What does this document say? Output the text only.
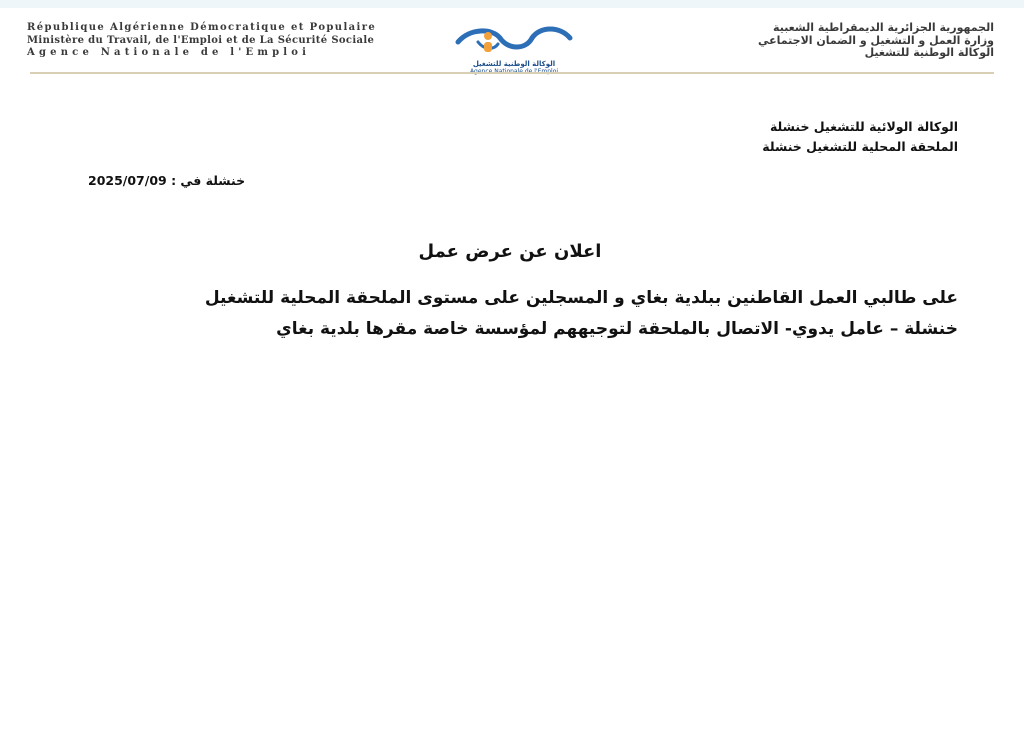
République Algérienne Démocratique et Populaire
Ministère du Travail, de l'Emploi et de La Sécurité Sociale
Agence Nationale de l'Emploi
الوكالة الوطنية للتشغيل
الجمهورية الجزائرية الديمقراطية الشعبية
وزارة العمل و التشغيل و الضمان الاجتماعي
الوكالة الوطنية للتشغيل
الوكالة الولائية للتشغيل خنشلة
الملحقة المحلية للتشغيل خنشلة
2025/07/09 خنشلة في :
اعلان عن عرض عمل
على طالبي العمل القاطنين ببلدية بغاي و المسجلين على مستوى الملحقة المحلية للتشغيل
خنشلة – عامل يدوي- الاتصال بالملحقة لتوجيههم لمؤسسة خاصة مقرها بلدية بغاي
